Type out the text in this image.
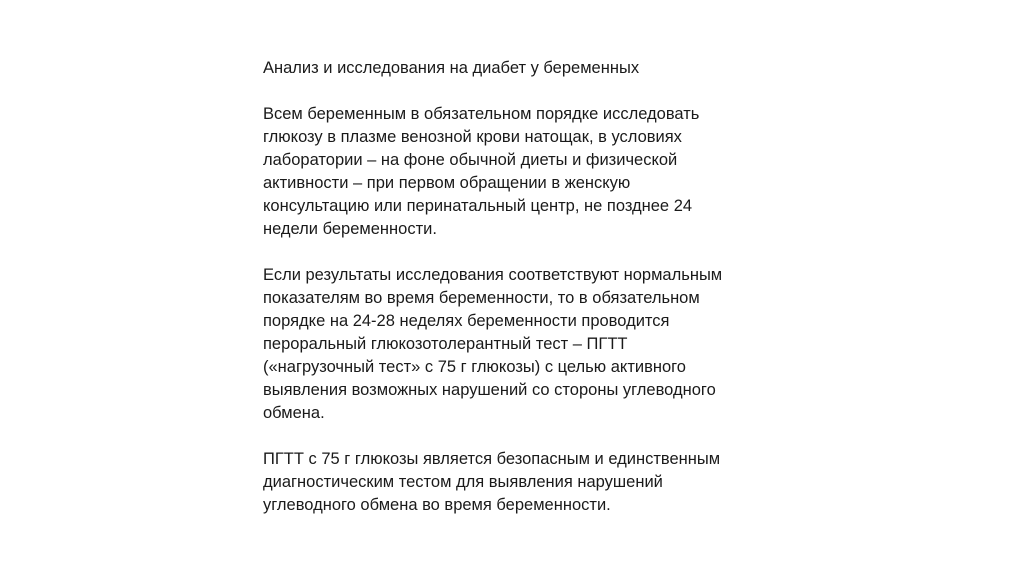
Анализ и исследования на диабет у беременных

Всем беременным в обязательном порядке исследовать
глюкозу в плазме венозной крови натощак, в условиях
лаборатории – на фоне обычной диеты и физической
активности – при первом обращении в женскую
консультацию или перинатальный центр, не позднее 24
недели беременности.

Если результаты исследования соответствуют нормальным
показателям во время беременности, то в обязательном
порядке на 24-28 неделях беременности проводится
пероральный глюкозотолерантный тест – ПГТТ
(«нагрузочный тест» с 75 г глюкозы) с целью активного
выявления возможных нарушений со стороны углеводного
обмена.

ПГТТ с 75 г глюкозы является безопасным и единственным
диагностическим тестом для выявления нарушений
углеводного обмена во время беременности.
